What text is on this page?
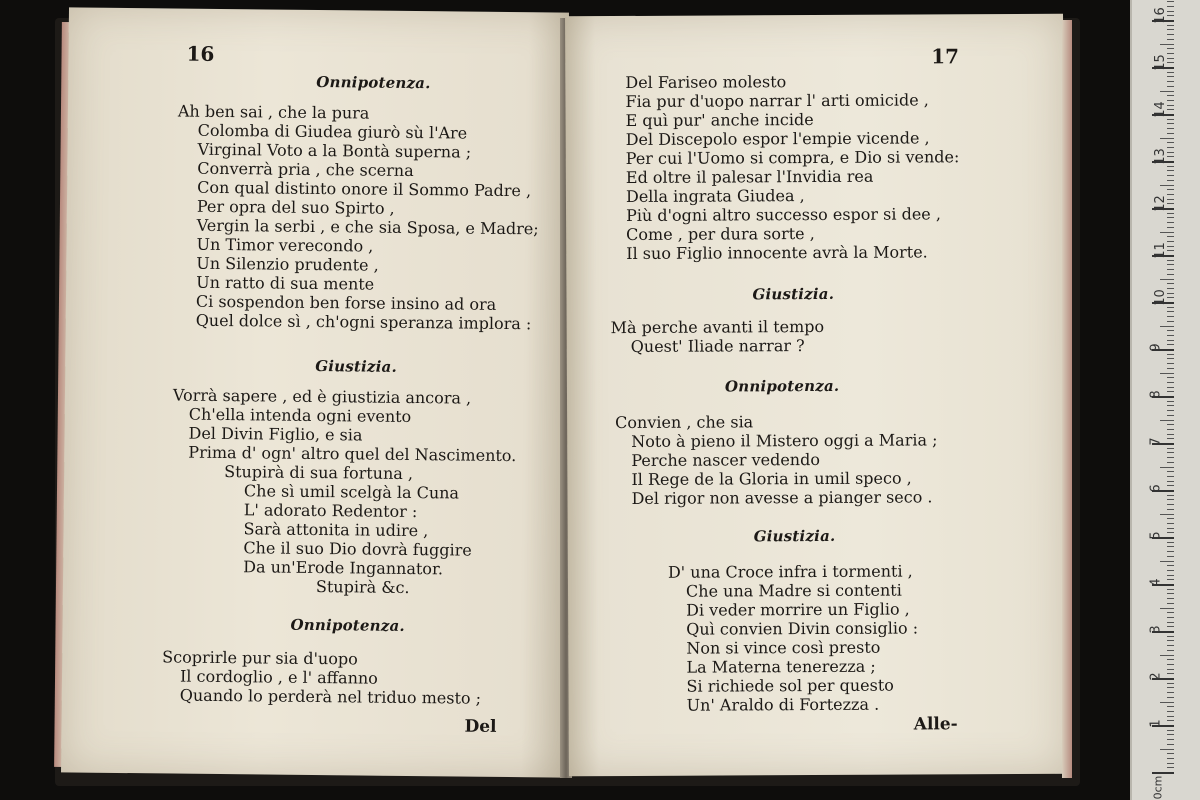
16
Onnipotenza.
Ah ben sai , che la pura
Colomba di Giudea giurò sù l'Are
Virginal Voto a la Bontà superna ;
Converrà pria , che scerna
Con qual distinto onore il Sommo Padre ,
Per opra del suo Spirto ,
Vergin la serbi , e che sia Sposa, e Madre;
Un Timor verecondo ,
Un Silenzio prudente ,
Un ratto di sua mente
Ci sospendon ben forse insino ad ora
Quel dolce sì , ch'ogni speranza implora :
Giustizia.
Vorrà sapere , ed è giustizia ancora ,
Ch'ella intenda ogni evento
Del Divin Figlio, e sia
Prima d' ogn' altro quel del Nascimento.
Stupirà di sua fortuna ,
Che sì umil scelgà la Cuna
L' adorato Redentor :
Sarà attonita in udire ,
Che il suo Dio dovrà fuggire
Da un'Erode Ingannator.
Stupirà &c.
Onnipotenza.
Scoprirle pur sia d'uopo
Il cordoglio , e l' affanno
Quando lo perderà nel triduo mesto ;
Del
17
Del Fariseo molesto
Fia pur d'uopo narrar l' arti omicide ,
E quì pur' anche incide
Del Discepolo espor l'empie vicende ,
Per cui l'Uomo si compra, e Dio si vende:
Ed oltre il palesar l'Invidia rea
Della ingrata Giudea ,
Più d'ogni altro successo espor si dee ,
Come , per dura sorte ,
Il suo Figlio innocente avrà la Morte.
Giustizia.
Mà perche avanti il tempo
Quest' Iliade narrar ?
Onnipotenza.
Convien , che sia
Noto à pieno il Mistero oggi a Maria ;
Perche nascer vedendo
Il Rege de la Gloria in umil speco ,
Del rigor non avesse a pianger seco .
Giustizia.
D' una Croce infra i tormenti ,
Che una Madre si contenti
Di veder morrire un Figlio ,
Quì convien Divin consiglio :
Non si vince così presto
La Materna tenerezza ;
Si richiede sol per questo
Un' Araldo di Fortezza .
Alle-	1
2
3
4
5
6
7
8
9
10
11
12
13
14
15
16
0cm
